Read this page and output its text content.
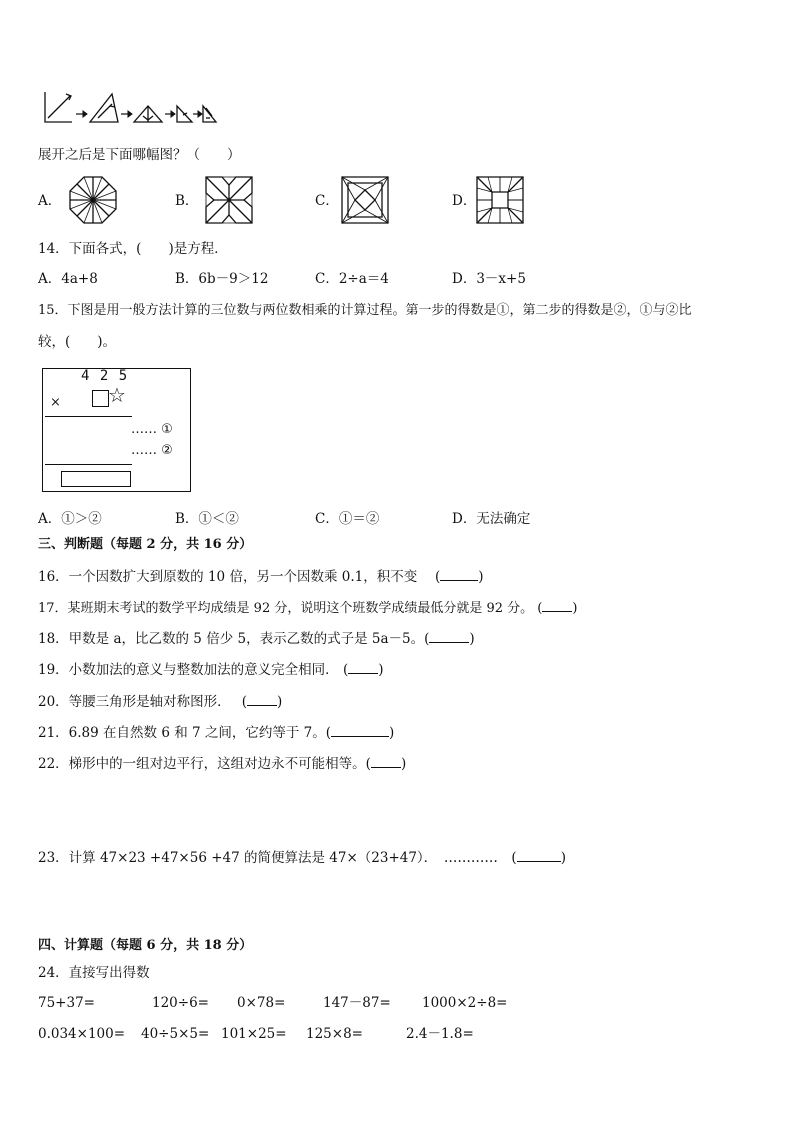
展开之后是下面哪幅图？（　　）
A．	B．	C．	D．
14．下面各式，(　　)是方程．
A．4a+8	B．6b－9＞12	C．2÷a＝4	D．3－x+5
15．下图是用一般方法计算的三位数与两位数相乘的计算过程。第一步的得数是①，第二步的得数是②，①与②比
较，(　　)。
4 2 5
× ☆
…… ①
…… ②
A．①＞②	B．①＜②	C．①＝②	D．无法确定
三、判断题（每题 2 分，共 16 分）
16．一个因数扩大到原数的 10 倍，另一个因数乘 0.1，积不变　 (	)
17．某班期末考试的数学平均成绩是 92 分，说明这个班数学成绩最低分就是 92 分。 ( )
18．甲数是 a，比乙数的 5 倍少 5，表示乙数的式子是 5a－5。(	)
19．小数加法的意义与整数加法的意义完全相同． ( )
20．等腰三角形是轴对称图形．　 ( )
21．6.89 在自然数 6 和 7 之间，它约等于 7。(	)
22．梯形中的一组对边平行，这组对边永不可能相等。( )
23．计算 47×23 +47×56 +47 的简便算法是 47×（23+47）．　…………　(	)
四、计算题（每题 6 分，共 18 分）
24．直接写出得数
75+37=	120÷6= 0×78=	147－87= 1000×2÷8=
0.034×100= 40÷5×5= 101×25= 125×8=	2.4－1.8=
